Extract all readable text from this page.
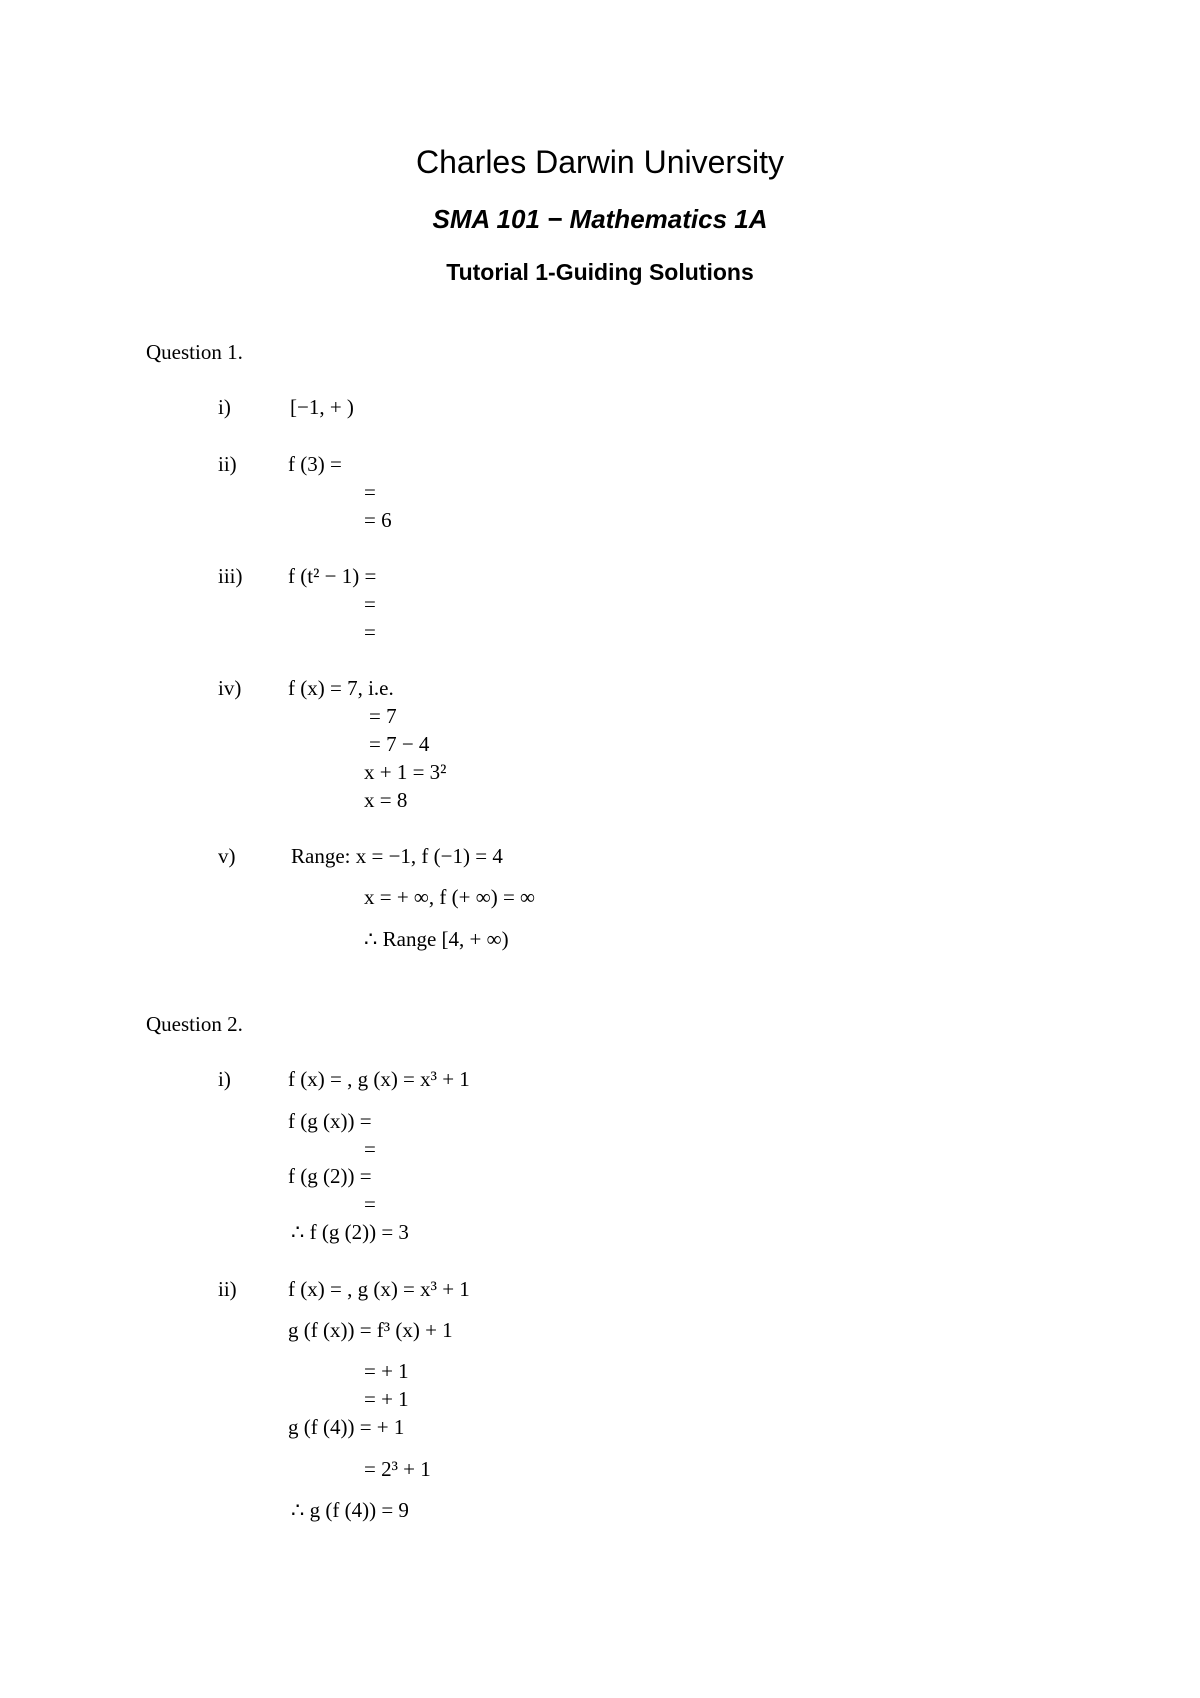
Charles Darwin University
SMA 101 − Mathematics 1A
Tutorial 1-Guiding Solutions
Question 1.
i)	[−1, + )
ii) f (3) =
=
= 6
iii) f (t² − 1) =
=
=
iv) f (x) = 7, i.e.
= 7
= 7 − 4
x + 1 = 3²
x = 8
v)	Range: x = −1, f (−1) = 4
x = + ∞, f (+ ∞) = ∞
∴ Range [4, + ∞)
Question 2.
i)	f (x) = , g (x) = x³ + 1
f (g (x)) =
=
f (g (2)) =
=
∴ f (g (2)) = 3
ii) f (x) = , g (x) = x³ + 1
g (f (x)) = f³ (x) + 1
= + 1
= + 1
g (f (4)) = + 1
= 2³ + 1
∴ g (f (4)) = 9
